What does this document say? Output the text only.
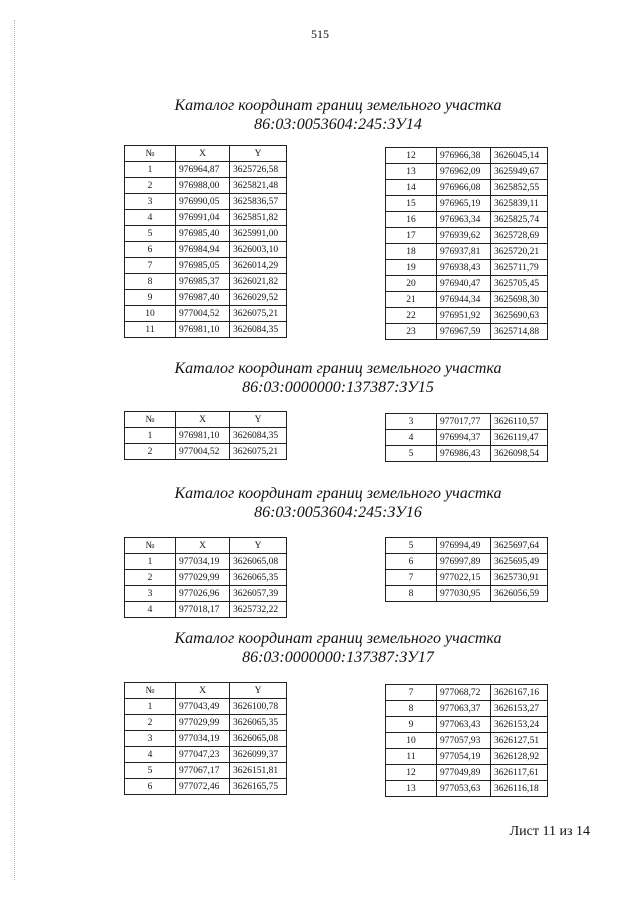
515
Каталог координат границ земельного участка
86:03:0053604:245:ЗУ14
№	X	Y
1	976964,87	3625726,58
2	976988,00	3625821,48
3	976990,05	3625836,57
4	976991,04	3625851,82
5	976985,40	3625991,00
6	976984,94	3626003,10
7	976985,05	3626014,29
8	976985,37	3626021,82
9	976987,40	3626029,52
10	977004,52	3626075,21
11	976981,10	3626084,35
12	976966,38	3626045,14
13	976962,09	3625949,67
14	976966,08	3625852,55
15	976965,19	3625839,11
16	976963,34	3625825,74
17	976939,62	3625728,69
18	976937,81	3625720,21
19	976938,43	3625711,79
20	976940,47	3625705,45
21	976944,34	3625698,30
22	976951,92	3625690,63
23	976967,59	3625714,88
Каталог координат границ земельного участка
86:03:0000000:137387:ЗУ15
№	X	Y
1	976981,10	3626084,35
2	977004,52	3626075,21
3	977017,77	3626110,57
4	976994,37	3626119,47
5	976986,43	3626098,54
Каталог координат границ земельного участка
86:03:0053604:245:ЗУ16
№	X	Y
1	977034,19	3626065,08
2	977029,99	3626065,35
3	977026,96	3626057,39
4	977018,17	3625732,22
5	976994,49	3625697,64
6	976997,89	3625695,49
7	977022,15	3625730,91
8	977030,95	3626056,59
Каталог координат границ земельного участка
86:03:0000000:137387:ЗУ17
№	X	Y
1	977043,49	3626100,78
2	977029,99	3626065,35
3	977034,19	3626065,08
4	977047,23	3626099,37
5	977067,17	3626151,81
6	977072,46	3626165,75
7	977068,72	3626167,16
8	977063,37	3626153,27
9	977063,43	3626153,24
10	977057,93	3626127,51
11	977054,19	3626128,92
12	977049,89	3626117,61
13	977053,63	3626116,18
Лист 11 из 14
